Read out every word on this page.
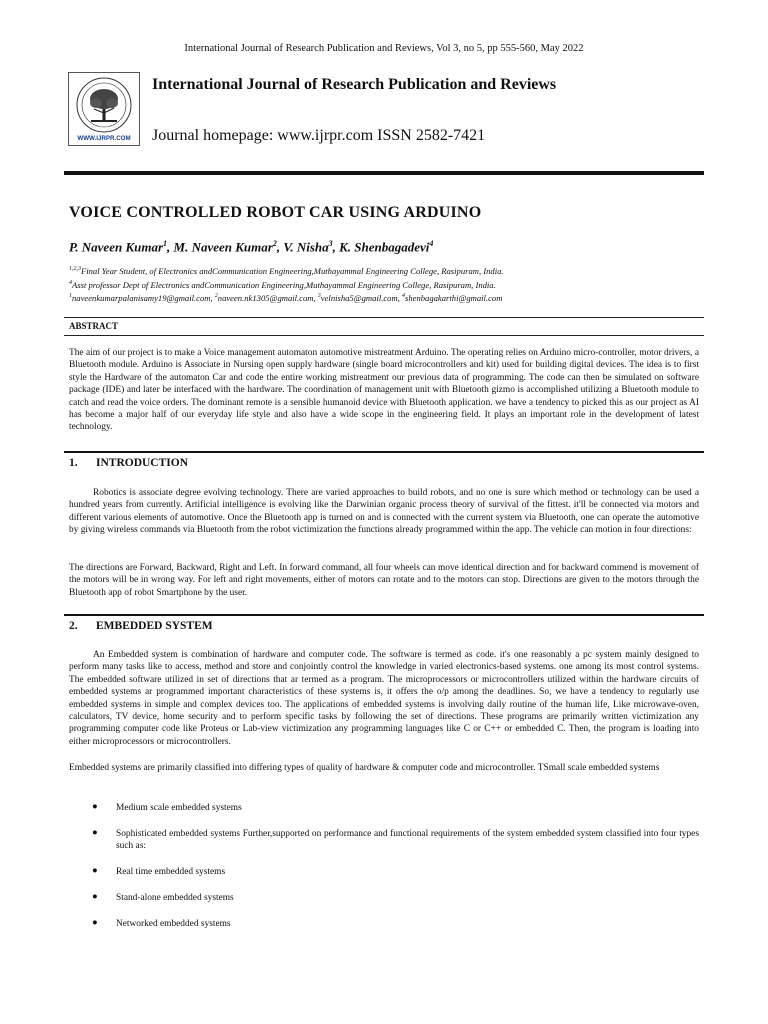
International Journal of Research Publication and Reviews, Vol 3, no 5, pp 555-560, May 2022
WWW.IJRPR.COM
International Journal of Research Publication and Reviews
Journal homepage: www.ijrpr.com ISSN 2582-7421
VOICE CONTROLLED ROBOT CAR USING ARDUINO
P. Naveen Kumar$^1$, M. Naveen Kumar$^2$, V. Nisha$^3$, K. Shenbagadevi$^4$
$^{1,2,3}$Final Year Student, of Electronics andCommunication Engineering,Muthayammal Engineering College, Rasipuram, India.
$^4$Asst professor Dept of Electronics andCommunication Engineering,Muthayammal Engineering College, Rasipuram, India.
$^1$naveenkumarpalanisamy19@gmail.com, $^2$naveen.nk1305@gmail.com, $^3$velnisha5@gmail.com, $^4$shenbagakarthi@gmail.com
ABSTRACT

The aim of our project is to make a Voice management automaton automotive mistreatment Arduino. The operating relies on Arduino micro-controller, motor drivers, a Bluetooth module. Arduino is Associate in Nursing open supply hardware (single board microcontrollers and kit) used for building digital devices. The idea is to first style the Hardware of the automaton Car and code the entire working mistreatment our previous data of programming. The code can then be simulated on software package (IDE) and later be interfaced with the hardware. The coordination of management unit with Bluetooth gizmo is accomplished utilizing a Bluetooth module to catch and read the voice orders. The dominant remote is a sensible humanoid device with Bluetooth application. we have a tendency to picked this as our project as AI has become a major half of our everyday life style and also have a wide scope in the engineering field. It plays an important role in the development of latest technology.

1. INTRODUCTION

Robotics is associate degree evolving technology. There are varied approaches to build robots, and no one is sure which method or technology can be used a hundred years from currently. Artificial intelligence is evolving like the Darwinian organic process theory of survival of the fittest. it'll be connected via motors and different various elements of automotive. Once the Bluetooth app is turned on and is connected with the current system via Bluetooth, one can operate the automotive by giving wireless commands via Bluetooth from the robot victimization the functions already programmed within the app. The vehicle can motion in four directions:

The directions are Forward, Backward, Right and Left. In forward command, all four wheels can move identical direction and for backward commend is movement of the motors will be in wrong way. For left and right movements, either of motors can rotate and to the motors can stop. Directions are given to the motors through the Bluetooth app of robot Smartphone by the user.

2. EMBEDDED SYSTEM

An Embedded system is combination of hardware and computer code. The software is termed as code. it's one reasonably a pc system mainly designed to perform many tasks like to access, method and store and conjointly control the knowledge in varied electronics-based systems. one among its most control systems. The embedded software utilized in set of directions that ar termed as a program. The microprocessors or microcontrollers utilized within the hardware circuits of embedded systems ar programmed important characteristics of these systems is, it offers the o/p among the deadlines. So, we have a tendency to regularly use embedded systems in simple and complex devices too. The applications of embedded systems is involving daily routine of the human life, Like microwave-oven, calculators, TV device, home security and to perform specific tasks by following the set of directions. These programs are primarily written victimization any programming computer code like Proteus or Lab-view victimization any programming languages like C or C++ or embedded C. Then, the program is loading into either microprocessors or microcontrollers.

Embedded systems are primarily classified into differing types of quality of hardware & computer code and microcontroller. TSmall scale embedded systems

● Medium scale embedded systems
● Sophisticated embedded systems Further,supported on performance and functional requirements of the system embedded system classified into four types such as:
● Real time embedded systems
● Stand-alone embedded systems
● Networked embedded systems
